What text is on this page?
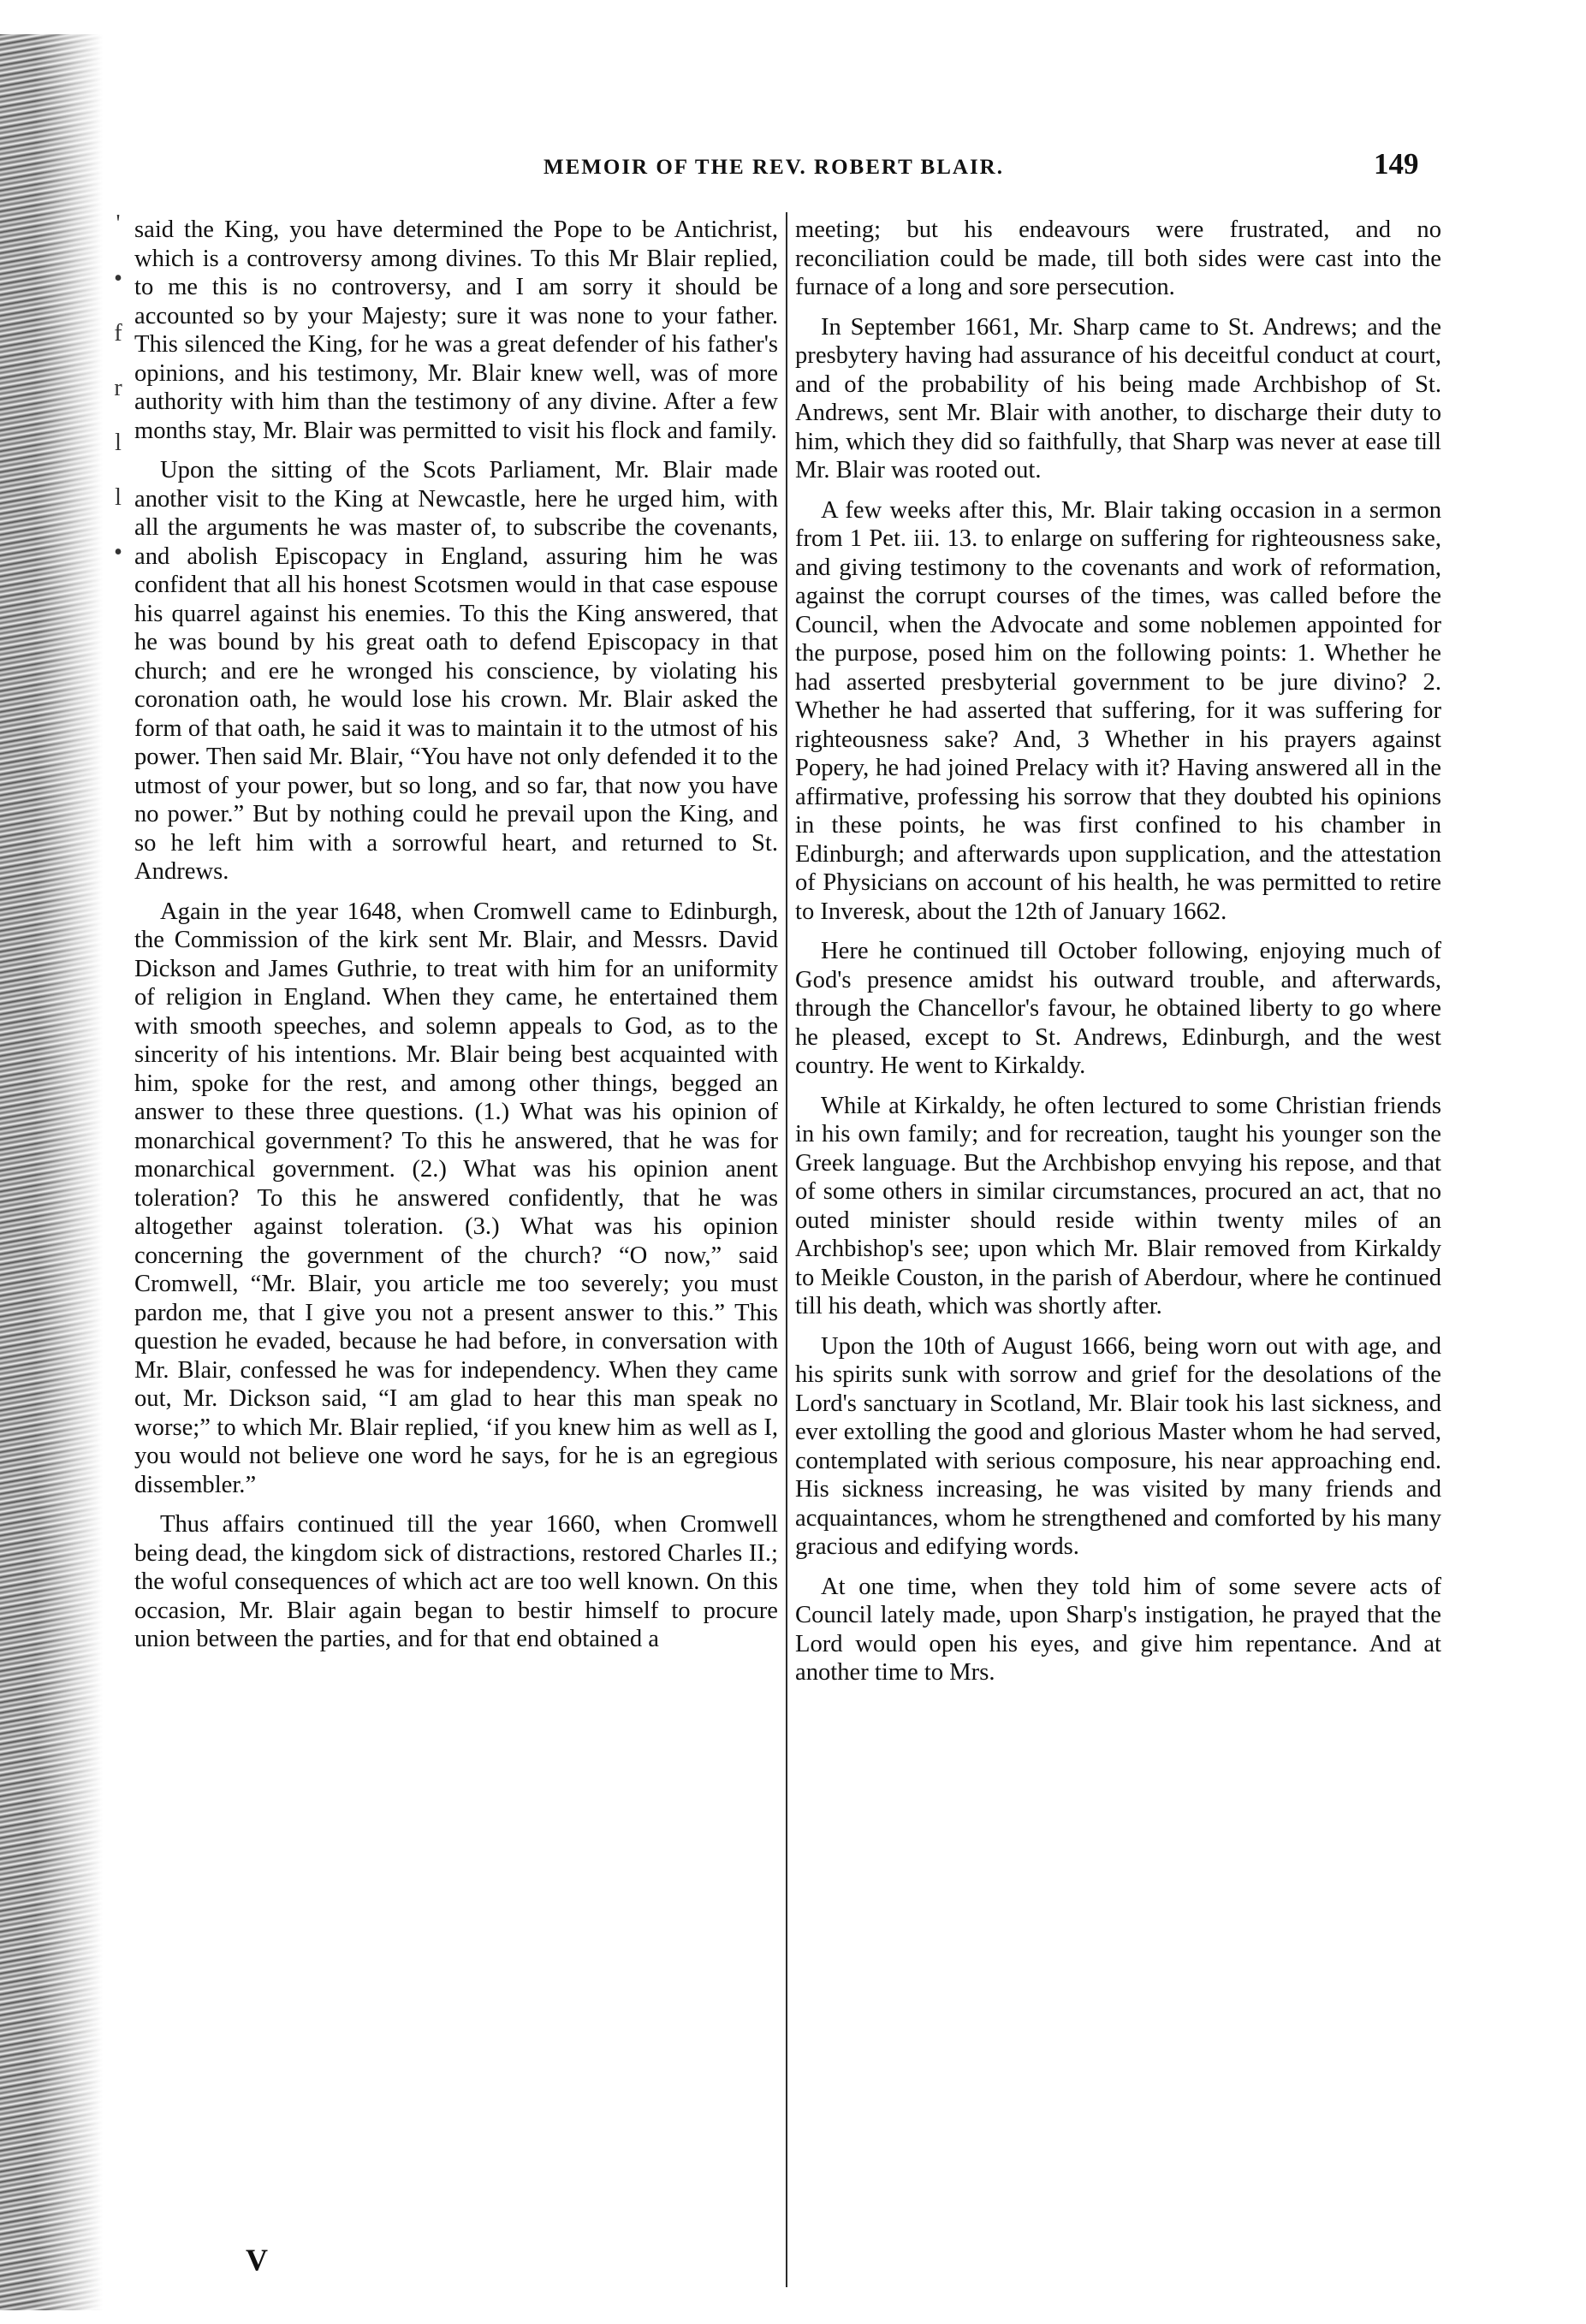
'
•
f
r
l
l
•
MEMOIR OF THE REV. ROBERT BLAIR.	149

said the King, you have determined the Pope to be Antichrist, which is a controversy among divines. To this Mr Blair replied, to me this is no controversy, and I am sorry it should be accounted so by your Majesty; sure it was none to your father. This silenced the King, for he was a great defender of his father's opinions, and his testimony, Mr. Blair knew well, was of more authority with him than the testimony of any divine. After a few months stay, Mr. Blair was permitted to visit his flock and family.

Upon the sitting of the Scots Parliament, Mr. Blair made another visit to the King at Newcastle, here he urged him, with all the arguments he was master of, to subscribe the covenants, and abolish Episcopacy in England, assuring him he was confident that all his honest Scotsmen would in that case espouse his quarrel against his enemies. To this the King answered, that he was bound by his great oath to defend Episcopacy in that church; and ere he wronged his conscience, by violating his coronation oath, he would lose his crown. Mr. Blair asked the form of that oath, he said it was to maintain it to the utmost of his power. Then said Mr. Blair, “You have not only defended it to the utmost of your power, but so long, and so far, that now you have no power.” But by nothing could he prevail upon the King, and so he left him with a sorrowful heart, and returned to St. Andrews.

Again in the year 1648, when Cromwell came to Edinburgh, the Commission of the kirk sent Mr. Blair, and Messrs. David Dickson and James Guthrie, to treat with him for an uniformity of religion in England. When they came, he entertained them with smooth speeches, and solemn appeals to God, as to the sincerity of his intentions. Mr. Blair being best acquainted with him, spoke for the rest, and among other things, begged an answer to these three questions. (1.) What was his opinion of monarchical government? To this he answered, that he was for monarchical government. (2.) What was his opinion anent toleration? To this he answered confidently, that he was altogether against toleration. (3.) What was his opinion concerning the government of the church? “O now,” said Cromwell, “Mr. Blair, you article me too severely; you must pardon me, that I give you not a present answer to this.” This question he evaded, because he had before, in conversation with Mr. Blair, confessed he was for independency. When they came out, Mr. Dickson said, “I am glad to hear this man speak no worse;” to which Mr. Blair replied, ‘if you knew him as well as I, you would not believe one word he says, for he is an egregious dissembler.”

Thus affairs continued till the year 1660, when Cromwell being dead, the kingdom sick of distractions, restored Charles II.; the woful consequences of which act are too well known. On this occasion, Mr. Blair again began to bestir himself to procure union between the parties, and for that end obtained a

meeting; but his endeavours were frustrated, and no reconciliation could be made, till both sides were cast into the furnace of a long and sore persecution.

In September 1661, Mr. Sharp came to St. Andrews; and the presbytery having had assurance of his deceitful conduct at court, and of the probability of his being made Archbishop of St. Andrews, sent Mr. Blair with another, to discharge their duty to him, which they did so faithfully, that Sharp was never at ease till Mr. Blair was rooted out.

A few weeks after this, Mr. Blair taking occasion in a sermon from 1 Pet. iii. 13. to enlarge on suffering for righteousness sake, and giving testimony to the covenants and work of reformation, against the corrupt courses of the times, was called before the Council, when the Advocate and some noblemen appointed for the purpose, posed him on the following points: 1. Whether he had asserted presbyterial government to be jure divino? 2. Whether he had asserted that suffering, for it was suffering for righteousness sake? And, 3 Whether in his prayers against Popery, he had joined Prelacy with it? Having answered all in the affirmative, professing his sorrow that they doubted his opinions in these points, he was first confined to his chamber in Edinburgh; and afterwards upon supplication, and the attestation of Physicians on account of his health, he was permitted to retire to Inveresk, about the 12th of January 1662.

Here he continued till October following, enjoying much of God's presence amidst his outward trouble, and afterwards, through the Chancellor's favour, he obtained liberty to go where he pleased, except to St. Andrews, Edinburgh, and the west country. He went to Kirkaldy.

While at Kirkaldy, he often lectured to some Christian friends in his own family; and for recreation, taught his younger son the Greek language. But the Archbishop envying his repose, and that of some others in similar circumstances, procured an act, that no outed minister should reside within twenty miles of an Archbishop's see; upon which Mr. Blair removed from Kirkaldy to Meikle Couston, in the parish of Aberdour, where he continued till his death, which was shortly after.

Upon the 10th of August 1666, being worn out with age, and his spirits sunk with sorrow and grief for the desolations of the Lord's sanctuary in Scotland, Mr. Blair took his last sickness, and ever extolling the good and glorious Master whom he had served, contemplated with serious composure, his near approaching end. His sickness increasing, he was visited by many friends and acquaintances, whom he strengthened and comforted by his many gracious and edifying words.

At one time, when they told him of some severe acts of Council lately made, upon Sharp's instigation, he prayed that the Lord would open his eyes, and give him repentance. And at another time to Mrs.

V
